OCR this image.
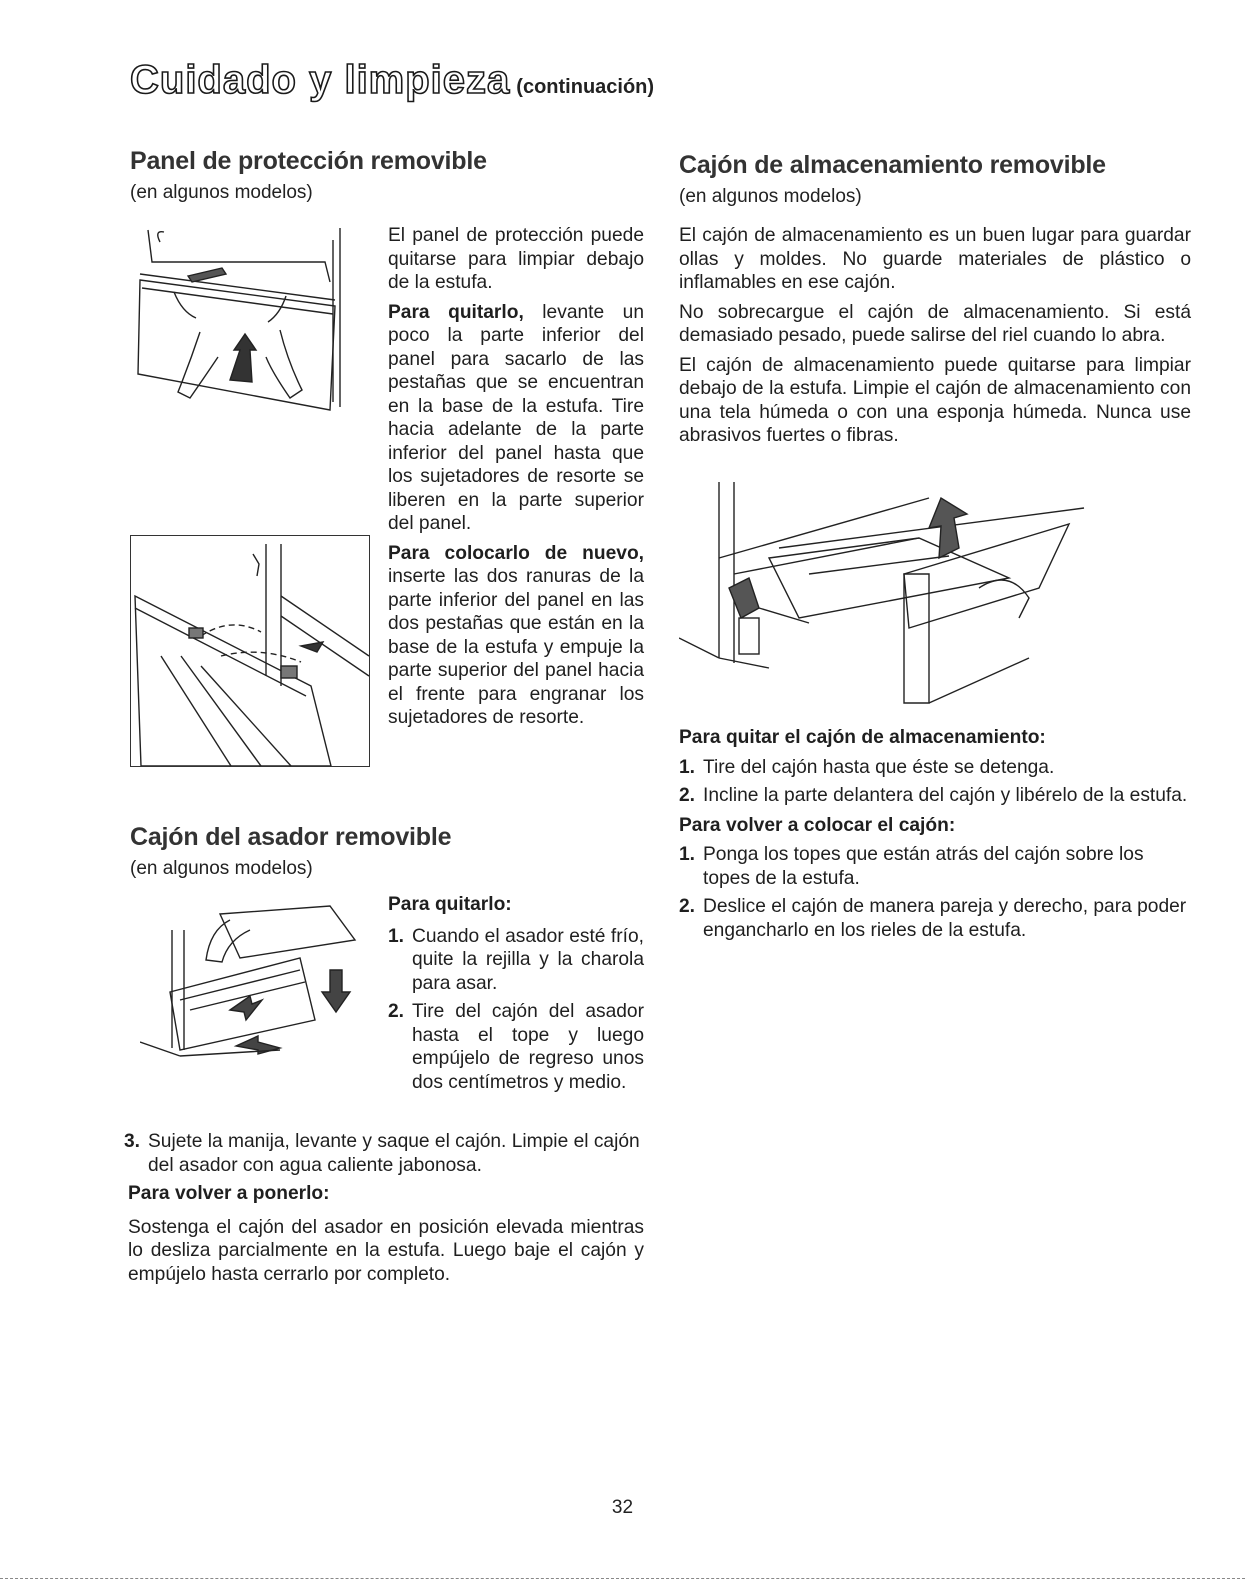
Cuidado y limpieza (continuación)
Panel de protección removible
(en algunos modelos)

El panel de protección puede quitarse para limpiar debajo de la estufa.

Para quitarlo, levante un poco la parte inferior del panel para sacarlo de las pestañas que se encuentran en la base de la estufa. Tire hacia adelante de la parte inferior del panel hasta que los sujetadores de resorte se liberen en la parte superior del panel.

Para colocarlo de nuevo, inserte las dos ranuras de la parte inferior del panel en las dos pestañas que están en la base de la estufa y empuje la parte superior del panel hacia el frente para engranar los sujetadores de resorte.

Cajón del asador removible
(en algunos modelos)
Para quitarlo:
1. Cuando el asador esté frío, quite la rejilla y la charola para asar.
2. Tire del cajón del asador hasta el tope y luego empújelo de regreso unos dos centímetros y medio.
3. Sujete la manija, levante y saque el cajón. Limpie el cajón del asador con agua caliente jabonosa.
Para volver a ponerlo:

Sostenga el cajón del asador en posición elevada mientras lo desliza parcialmente en la estufa. Luego baje el cajón y empújelo hasta cerrarlo por completo.

Cajón de almacenamiento removible
(en algunos modelos)

El cajón de almacenamiento es un buen lugar para guardar ollas y moldes. No guarde materiales de plástico o inflamables en ese cajón.

No sobrecargue el cajón de almacenamiento. Si está demasiado pesado, puede salirse del riel cuando lo abra.

El cajón de almacenamiento puede quitarse para limpiar debajo de la estufa. Limpie el cajón de almacenamiento con una tela húmeda o con una esponja húmeda. Nunca use abrasivos fuertes o fibras.

Para quitar el cajón de almacenamiento:
1. Tire del cajón hasta que éste se detenga.
2. Incline la parte delantera del cajón y libérelo de la estufa.
Para volver a colocar el cajón:
1. Ponga los topes que están atrás del cajón sobre los topes de la estufa.
2. Deslice el cajón de manera pareja y derecho, para poder engancharlo en los rieles de la estufa.
32
